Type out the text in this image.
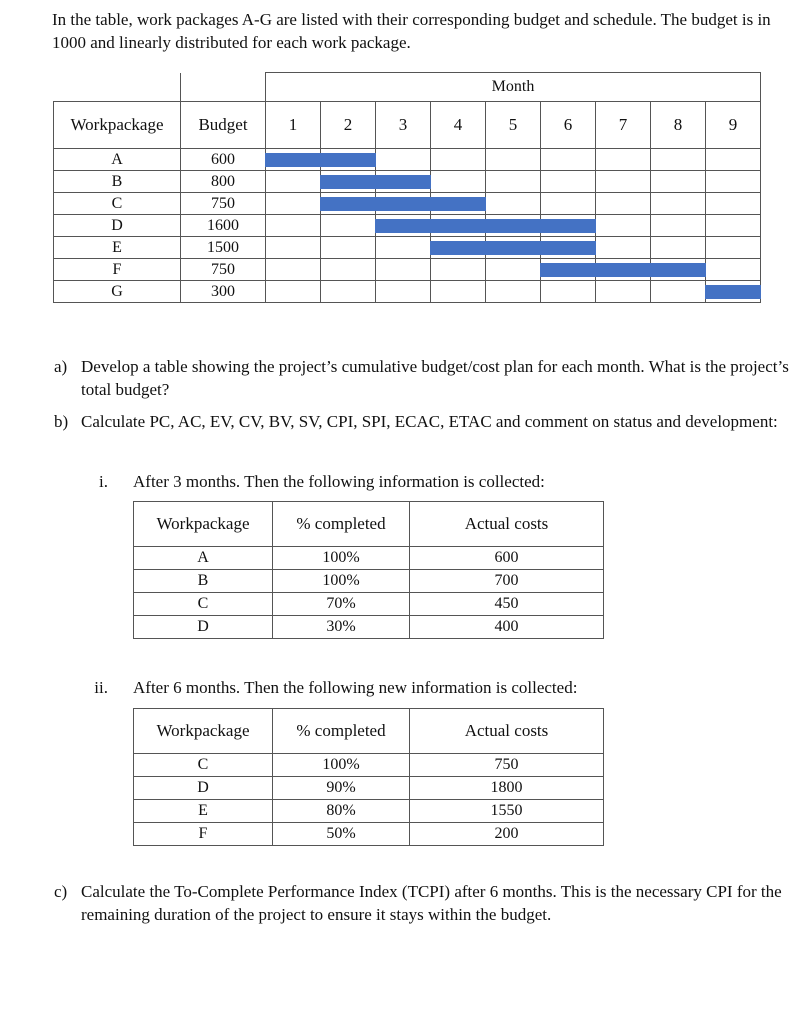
In the table, work packages A-G are listed with their corresponding budget and schedule. The budget is in 1000 and linearly distributed for each work package.
		Month								
Workpackage	Budget	1	2	3	4	5	6	7	8	9
A	600	

B	800		

C	750		

D	1600			

E	1500				

F	750						

G	300									
a) Develop a table showing the project’s cumulative budget/cost plan for each month. What is the project’s total budget?
b) Calculate PC, AC, EV, CV, BV, SV, CPI, SPI, ECAC, ETAC and comment on status and development:
i. After 3 months. Then the following information is collected:
Workpackage	% completed	Actual costs
A	100%	600
B	100%	700
C	70%	450
D	30%	400
ii. After 6 months. Then the following new information is collected:
Workpackage	% completed	Actual costs
C	100%	750
D	90%	1800
E	80%	1550
F	50%	200
c) Calculate the To-Complete Performance Index (TCPI) after 6 months. This is the necessary CPI for the remaining duration of the project to ensure it stays within the budget.
